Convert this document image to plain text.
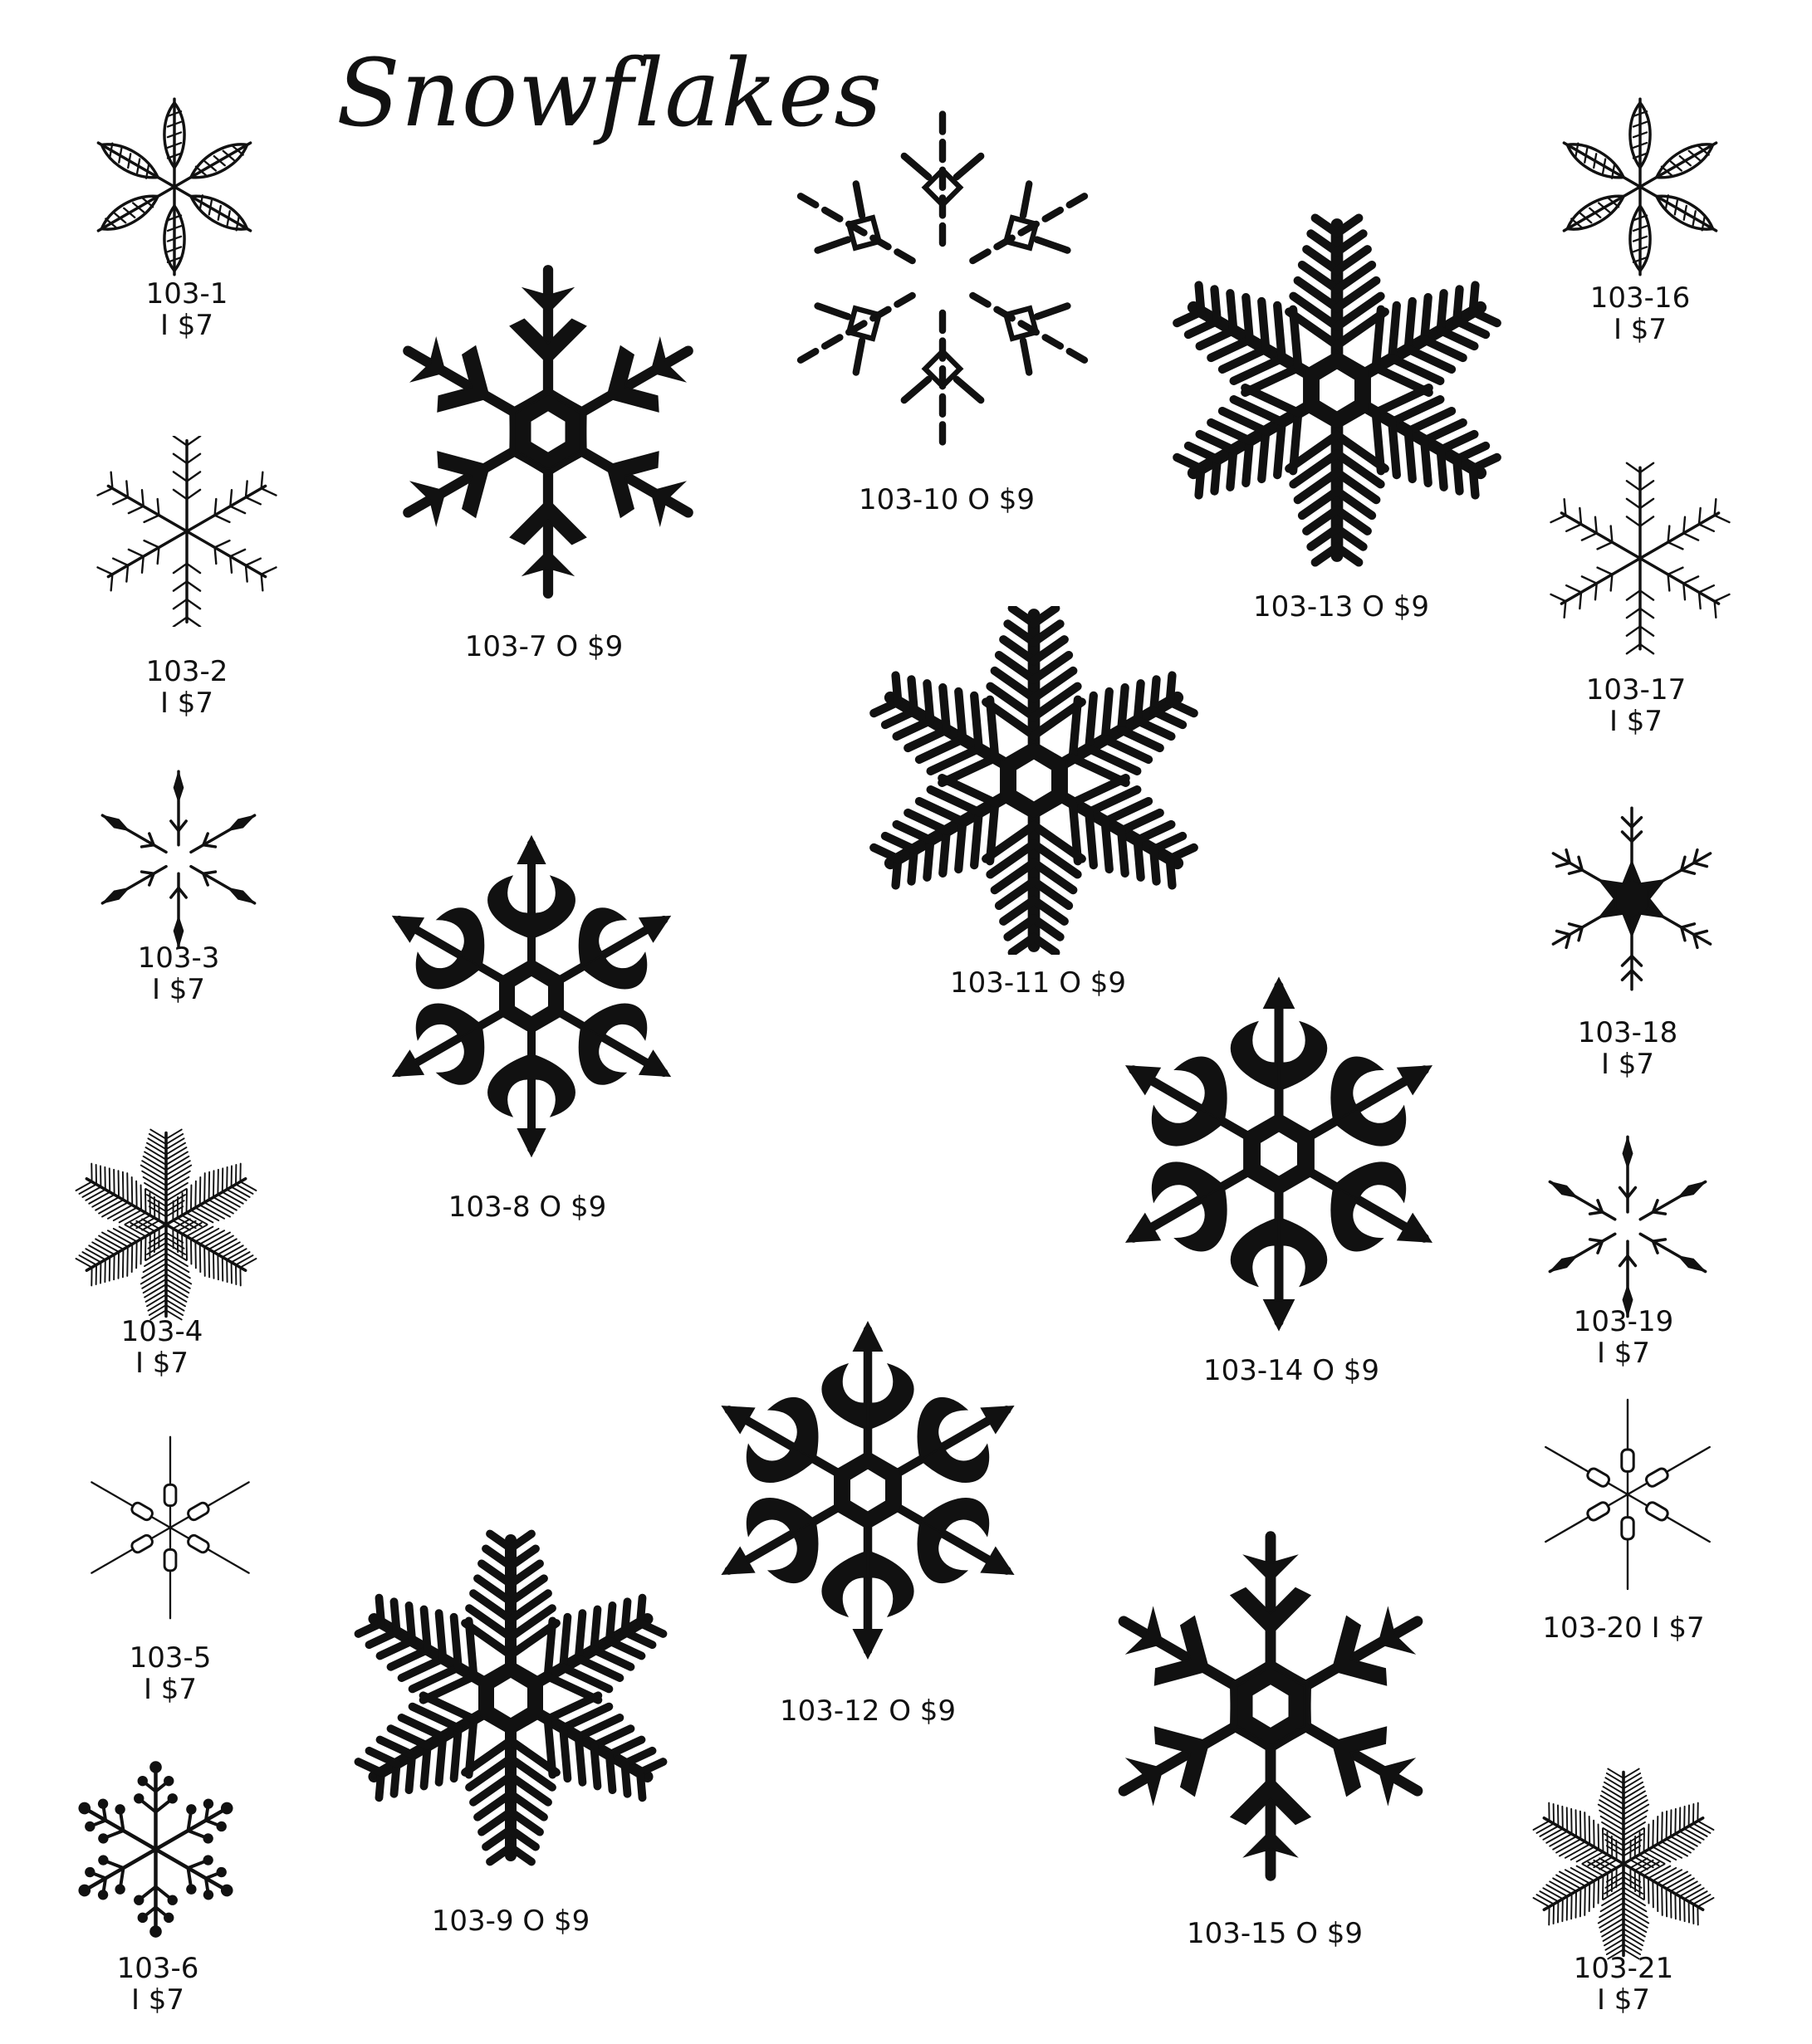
Snowflakes
103-1
I $7
103-2
I $7
103-3
I $7
103-4
I $7
103-5
I $7
103-6
I $7
103-7 O $9
103-8 O $9
103-9 O $9
103-10 O $9
103-11 O $9
103-12 O $9
103-13 O $9
103-14 O $9
103-15 O $9
103-16
I $7
103-17
I $7
103-18
I $7
103-19
I $7
103-20 I $7
103-21
I $7
